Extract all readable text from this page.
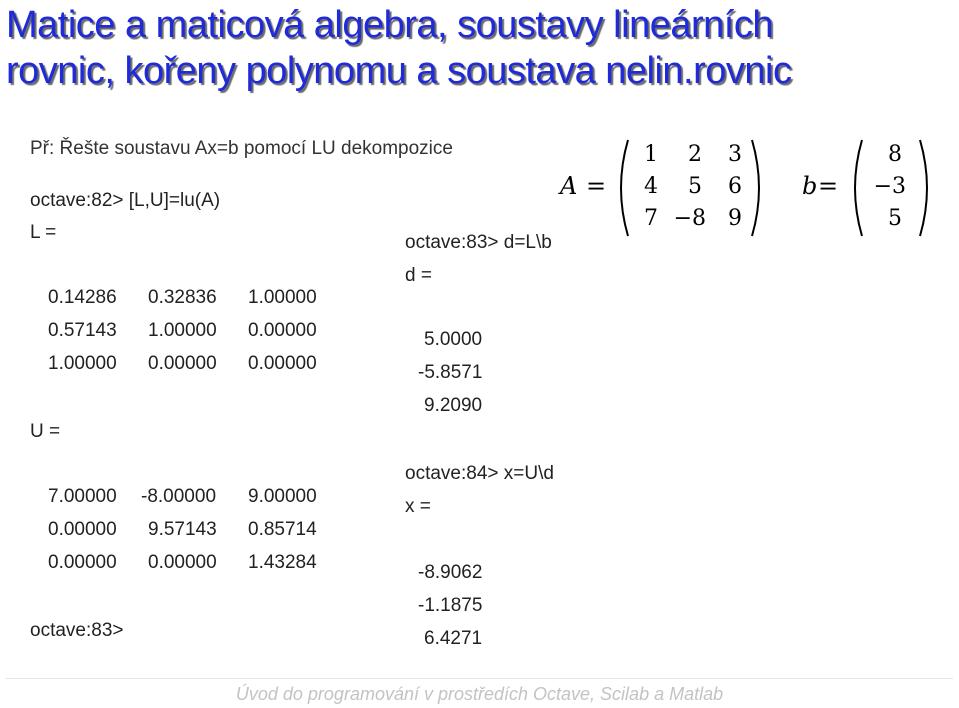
Matice a maticová algebra, soustavy lineárních
rovnic, kořeny polynomu a soustava nelin.rovnic
Př: Řešte soustavu Ax=b pomocí LU dekompozice
octave:82> [L,U]=lu(A)
L =
0.14286 0.32836 1.00000
0.57143 1.00000 0.00000
1.00000 0.00000 0.00000
U =
7.00000 -8.00000 9.00000
0.00000 9.57143 0.85714
0.00000 0.00000 1.43284
octave:83>
octave:83> d=L\b
d =
5.0000
-5.8571
9.2090
octave:84> x=U\d
x =
-8.9062
-1.1875
6.4271
A =
1	2	3
4	5	6
7 −8	9
b =
8
−3
5
Úvod do programování v prostředích Octave, Scilab a Matlab
